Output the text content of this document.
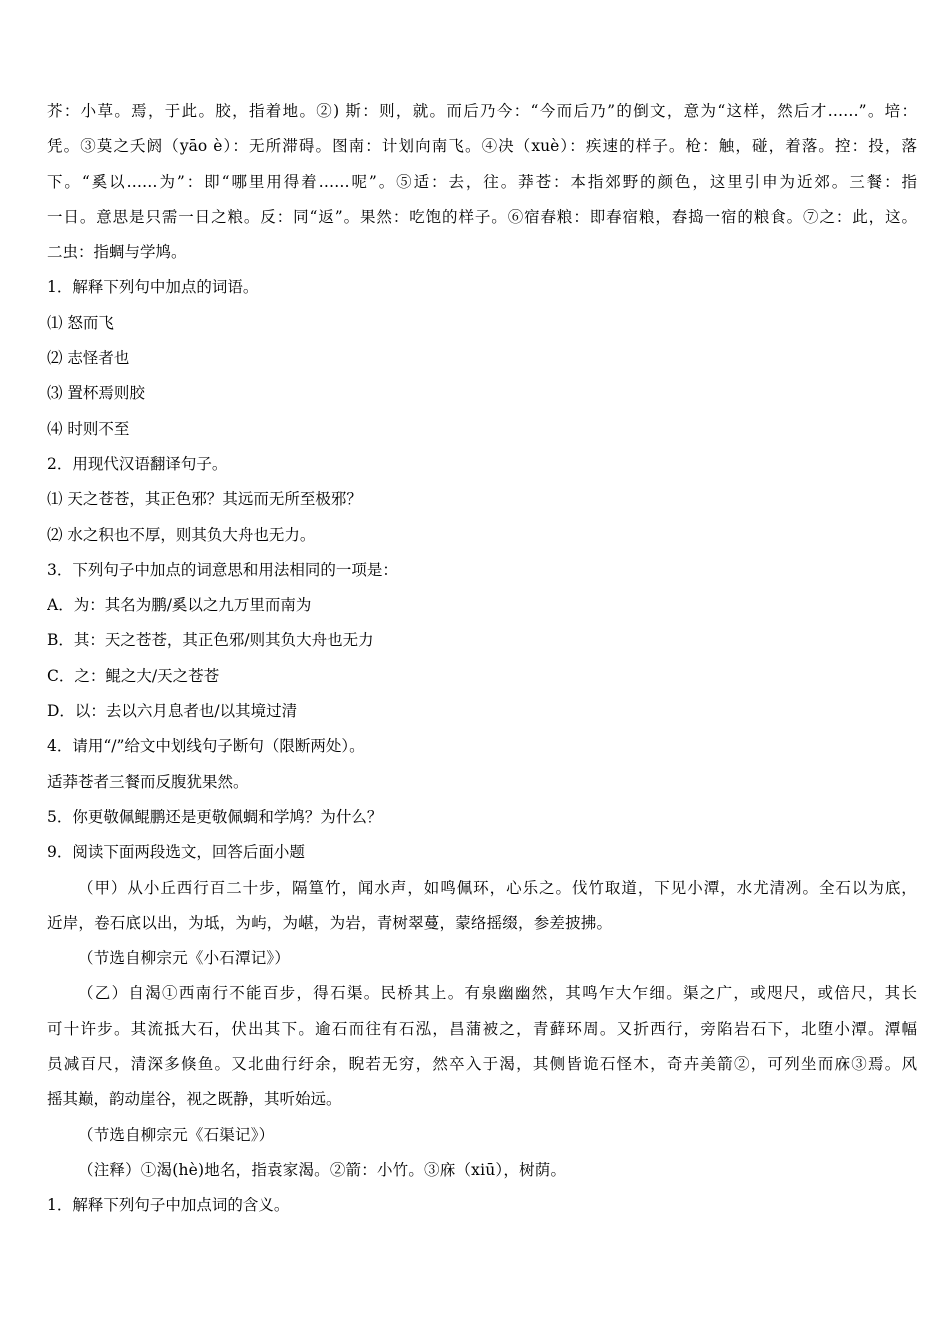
芥：小草。焉，于此。胶，指着地。②) 斯：则，就。而后乃今：“今而后乃”的倒文，意为“这样，然后才……”。培：
凭。③莫之夭阏（yāo è）：无所滞碍。图南：计划向南飞。④决（xuè）：疾速的样子。枪：触，碰，着落。控：投，落
下。“奚以……为”：即“哪里用得着……呢”。⑤适：去，往。莽苍：本指郊野的颜色，这里引申为近郊。三餐：指
一日。意思是只需一日之粮。反：同“返”。果然：吃饱的样子。⑥宿春粮：即春宿粮，舂捣一宿的粮食。⑦之：此，这。
二虫：指蜩与学鸠。
1．解释下列句中加点的词语。
⑴ 怒而飞
⑵ 志怪者也
⑶ 置杯焉则胶
⑷ 时则不至
2．用现代汉语翻译句子。
⑴ 天之苍苍，其正色邪？其远而无所至极邪？
⑵ 水之积也不厚，则其负大舟也无力。
3．下列句子中加点的词意思和用法相同的一项是：
A．为：其名为鹏/奚以之九万里而南为
B．其：天之苍苍，其正色邪/则其负大舟也无力
C．之：鲲之大/天之苍苍
D．以：去以六月息者也/以其境过清
4．请用“/”给文中划线句子断句（限断两处）。
适莽苍者三餐而反腹犹果然。
5．你更敬佩鲲鹏还是更敬佩蜩和学鸠？为什么？
9．阅读下面两段选文，回答后面小题
（甲）从小丘西行百二十步，隔篁竹，闻水声，如鸣佩环，心乐之。伐竹取道，下见小潭，水尤清冽。全石以为底，
近岸，卷石底以出，为坻，为屿，为嵁，为岩，青树翠蔓，蒙络摇缀，参差披拂。
（节选自柳宗元《小石潭记》）
（乙）自渴①西南行不能百步，得石渠。民桥其上。有泉幽幽然，其鸣乍大乍细。渠之广，或咫尺，或倍尺，其长
可十许步。其流抵大石，伏出其下。逾石而往有石泓，昌蒲被之，青藓环周。又折西行，旁陷岩石下，北堕小潭。潭幅
员减百尺，清深多倏鱼。又北曲行纡余，睨若无穷，然卒入于渴，其侧皆诡石怪木，奇卉美箭②，可列坐而庥③焉。风
摇其巅，韵动崖谷，视之既静，其听始远。
（节选自柳宗元《石渠记》）
（注释）①渴(hè)地名，指袁家渴。②箭：小竹。③庥（xiū），树荫。
1．解释下列句子中加点词的含义。
